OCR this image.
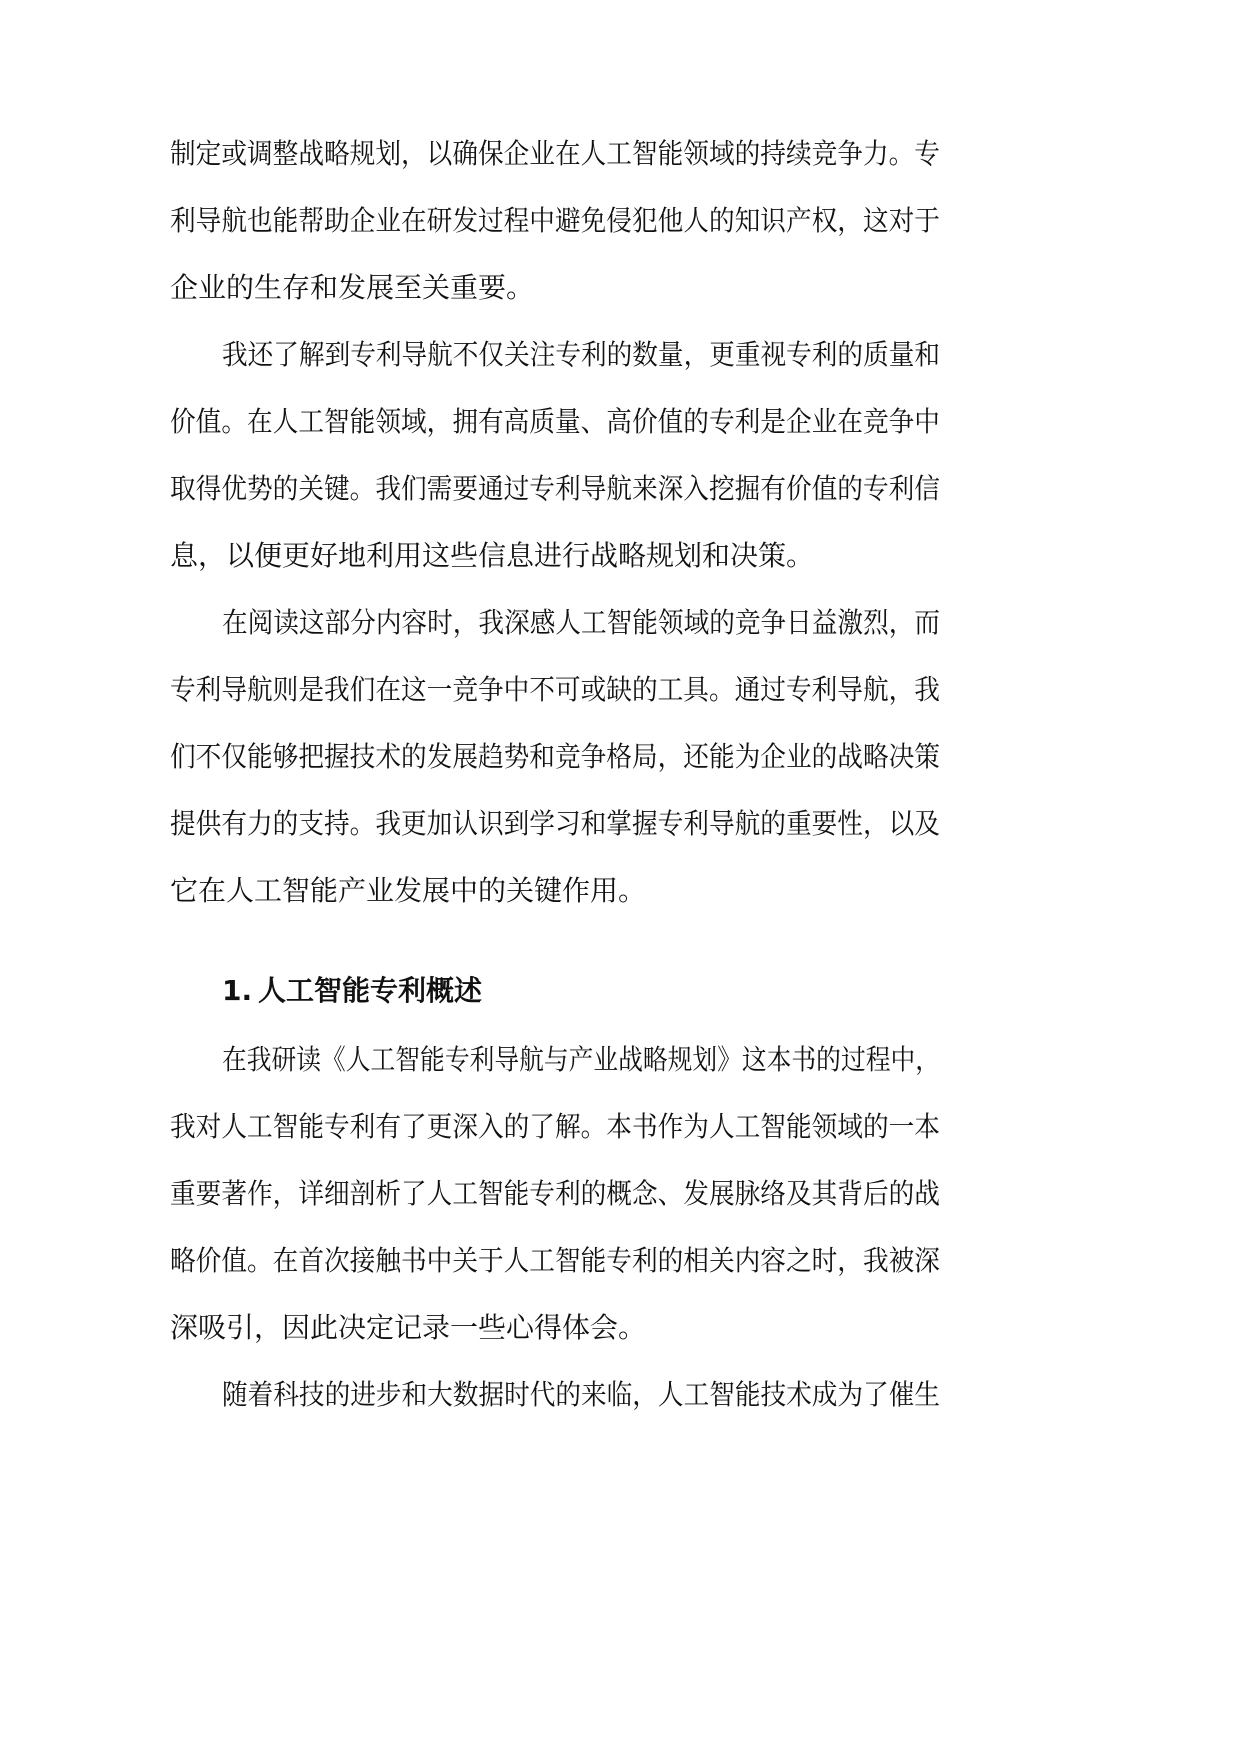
制定或调整战略规划，以确保企业在人工智能领域的持续竞争力。专
利导航也能帮助企业在研发过程中避免侵犯他人的知识产权，这对于
企业的生存和发展至关重要。
我还了解到专利导航不仅关注专利的数量，更重视专利的质量和
价值。在人工智能领域，拥有高质量、高价值的专利是企业在竞争中
取得优势的关键。我们需要通过专利导航来深入挖掘有价值的专利信
息，以便更好地利用这些信息进行战略规划和决策。
在阅读这部分内容时，我深感人工智能领域的竞争日益激烈，而
专利导航则是我们在这一竞争中不可或缺的工具。通过专利导航，我
们不仅能够把握技术的发展趋势和竞争格局，还能为企业的战略决策
提供有力的支持。我更加认识到学习和掌握专利导航的重要性，以及
它在人工智能产业发展中的关键作用。
1. 人工智能专利概述
在我研读《人工智能专利导航与产业战略规划》这本书的过程中，
我对人工智能专利有了更深入的了解。本书作为人工智能领域的一本
重要著作，详细剖析了人工智能专利的概念、发展脉络及其背后的战
略价值。在首次接触书中关于人工智能专利的相关内容之时，我被深
深吸引，因此决定记录一些心得体会。
随着科技的进步和大数据时代的来临，人工智能技术成为了催生
